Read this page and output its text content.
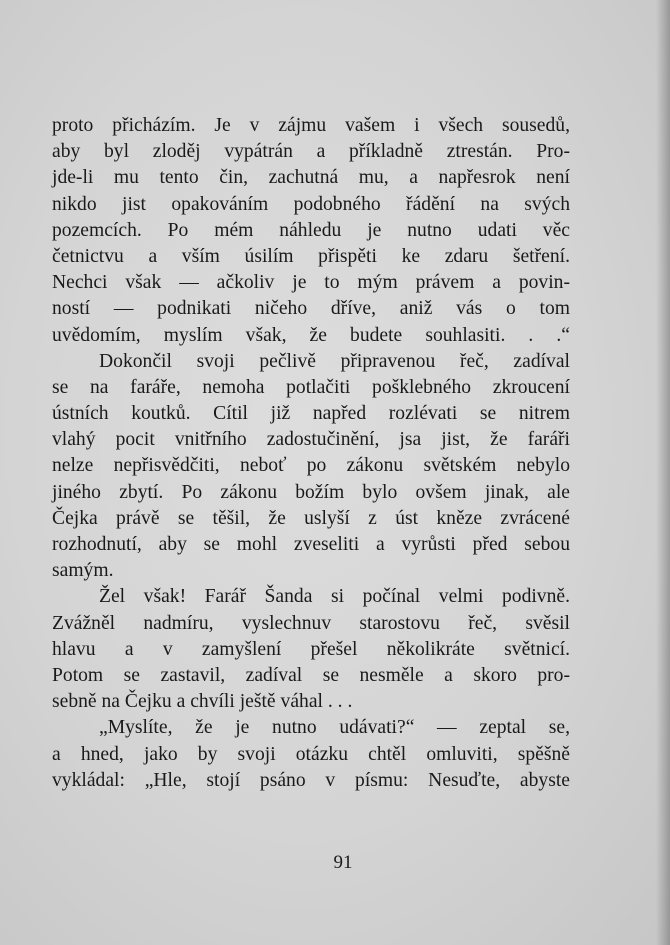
proto přicházím. Je v zájmu vašem i všech sousedů,
aby byl zloděj vypátrán a příkladně ztrestán. Pro-
jde-li mu tento čin, zachutná mu, a napřesrok není
nikdo jist opakováním podobného řádění na svých
pozemcích. Po mém náhledu je nutno udati věc
četnictvu a vším úsilím přispěti ke zdaru šetření.
Nechci však — ačkoliv je to mým právem a povin-
ností — podnikati ničeho dříve, aniž vás o tom
uvědomím, myslím však, že budete souhlasiti. . .“
Dokončil svoji pečlivě připravenou řeč, zadíval
se na faráře, nemoha potlačiti pošklebného zkroucení
ústních koutků. Cítil již napřed rozlévati se nitrem
vlahý pocit vnitřního zadostučinění, jsa jist, že faráři
nelze nepřisvědčiti, neboť po zákonu světském nebylo
jiného zbytí. Po zákonu božím bylo ovšem jinak, ale
Čejka právě se těšil, že uslyší z úst kněze zvrácené
rozhodnutí, aby se mohl zveseliti a vyrůsti před sebou
samým.
Žel však! Farář Šanda si počínal velmi podivně.
Zvážněl nadmíru, vyslechnuv starostovu řeč, svěsil
hlavu a v zamyšlení přešel několikráte světnicí.
Potom se zastavil, zadíval se nesměle a skoro pro-
sebně na Čejku a chvíli ještě váhal . . .
„Myslíte, že je nutno udávati?“ — zeptal se,
a hned, jako by svoji otázku chtěl omluviti, spěšně
vykládal: „Hle, stojí psáno v písmu: Nesuďte, abyste
91
